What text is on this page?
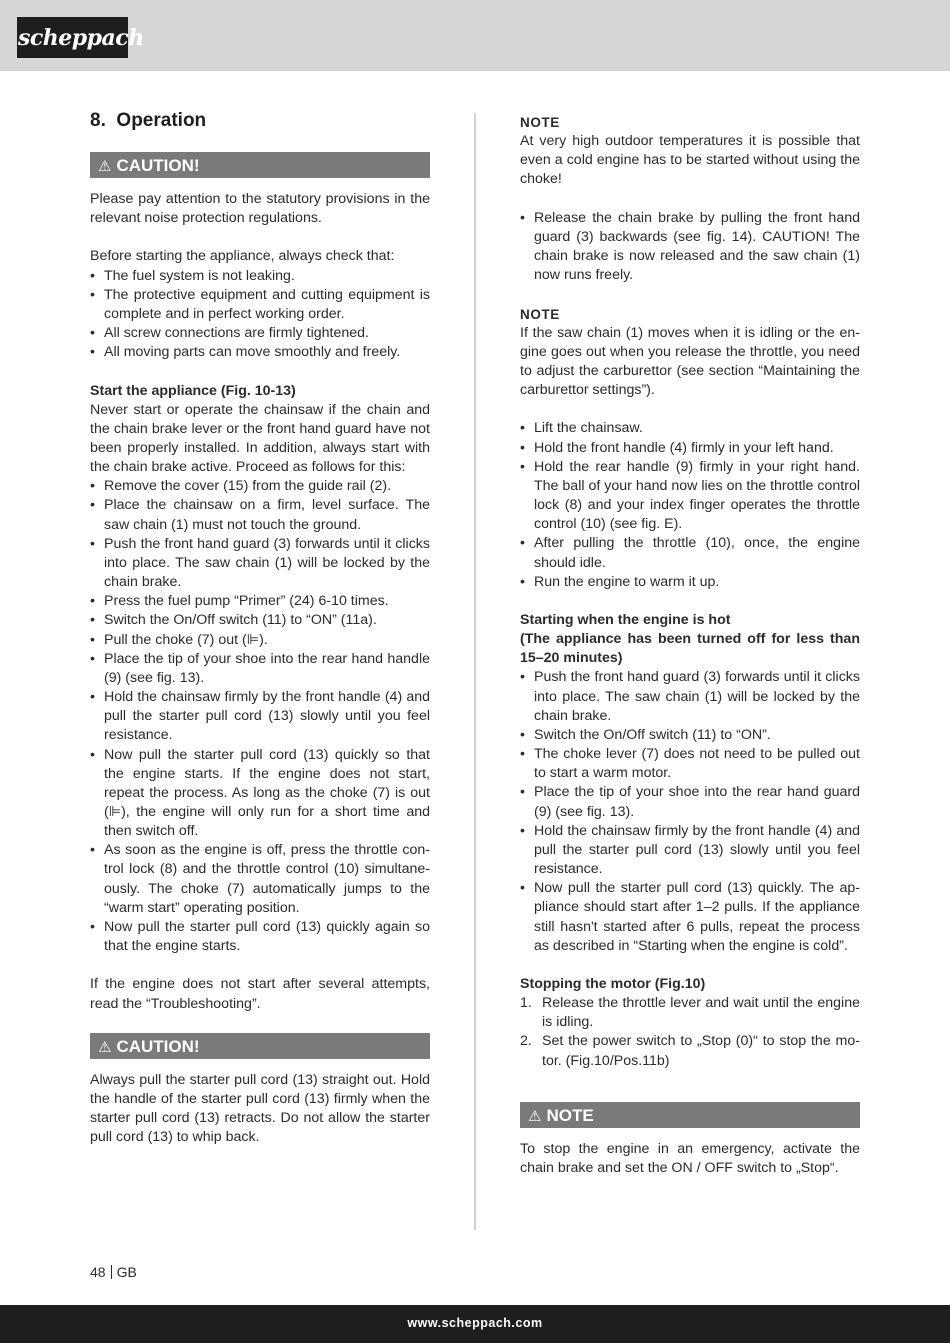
scheppach
8. Operation
⚠ CAUTION!

Please pay attention to the statutory provisions in the relevant noise protection regulations.

Before starting the appliance, always check that:

• The fuel system is not leaking.
• The protective equipment and cutting equipment is complete and in perfect working order.
• All screw connections are firmly tightened.
• All moving parts can move smoothly and freely.

Start the appliance (Fig. 10-13)

Never start or operate the chainsaw if the chain and the chain brake lever or the front hand guard have not been properly installed. In addition, always start with the chain brake active. Proceed as follows for this:

• Remove the cover (15) from the guide rail (2).
• Place the chainsaw on a firm, level surface. The saw chain (1) must not touch the ground.
• Push the front hand guard (3) forwards until it clicks into place. The saw chain (1) will be locked by the chain brake.
• Press the fuel pump “Primer” (24) 6-10 times.
• Switch the On/Off switch (11) to “ON” (11a).
• Pull the choke (7) out (⊫).
• Place the tip of your shoe into the rear hand handle (9) (see fig. 13).
• Hold the chainsaw firmly by the front handle (4) and pull the starter pull cord (13) slowly until you feel resistance.
• Now pull the starter pull cord (13) quickly so that the engine starts. If the engine does not start, repeat the process. As long as the choke (7) is out (⊫), the engine will only run for a short time and then switch off.
• As soon as the engine is off, press the throttle control lock (8) and the throttle control (10) simultaneously. The choke (7) automatically jumps to the “warm start” operating position.
• Now pull the starter pull cord (13) quickly again so that the engine starts.

If the engine does not start after several attempts, read the “Troubleshooting”.

⚠ CAUTION!

Always pull the starter pull cord (13) straight out. Hold the handle of the starter pull cord (13) firmly when the starter pull cord (13) retracts. Do not allow the starter pull cord (13) to whip back.

NOTE

At very high outdoor temperatures it is possible that even a cold engine has to be started without using the choke!

• Release the chain brake by pulling the front hand guard (3) backwards (see fig. 14). CAUTION! The chain brake is now released and the saw chain (1) now runs freely.

NOTE

If the saw chain (1) moves when it is idling or the engine goes out when you release the throttle, you need to adjust the carburettor (see section “Maintaining the carburettor settings”).

• Lift the chainsaw.
• Hold the front handle (4) firmly in your left hand.
• Hold the rear handle (9) firmly in your right hand. The ball of your hand now lies on the throttle control lock (8) and your index finger operates the throttle control (10) (see fig. E).
• After pulling the throttle (10), once, the engine should idle.
• Run the engine to warm it up.

Starting when the engine is hot

(The appliance has been turned off for less than 15–20 minutes)

• Push the front hand guard (3) forwards until it clicks into place. The saw chain (1) will be locked by the chain brake.
• Switch the On/Off switch (11) to “ON”.
• The choke lever (7) does not need to be pulled out to start a warm motor.
• Place the tip of your shoe into the rear hand guard (9) (see fig. 13).
• Hold the chainsaw firmly by the front handle (4) and pull the starter pull cord (13) slowly until you feel resistance.
• Now pull the starter pull cord (13) quickly. The appliance should start after 1–2 pulls. If the appliance still hasn't started after 6 pulls, repeat the process as described in “Starting when the engine is cold”.

Stopping the motor (Fig.10)

1. Release the throttle lever and wait until the engine is idling.
2. Set the power switch to „Stop (0)“ to stop the motor. (Fig.10/Pos.11b)
⚠ NOTE

To stop the engine in an emergency, activate the chain brake and set the ON / OFF switch to „Stop“.

48 GB
www.scheppach.com
